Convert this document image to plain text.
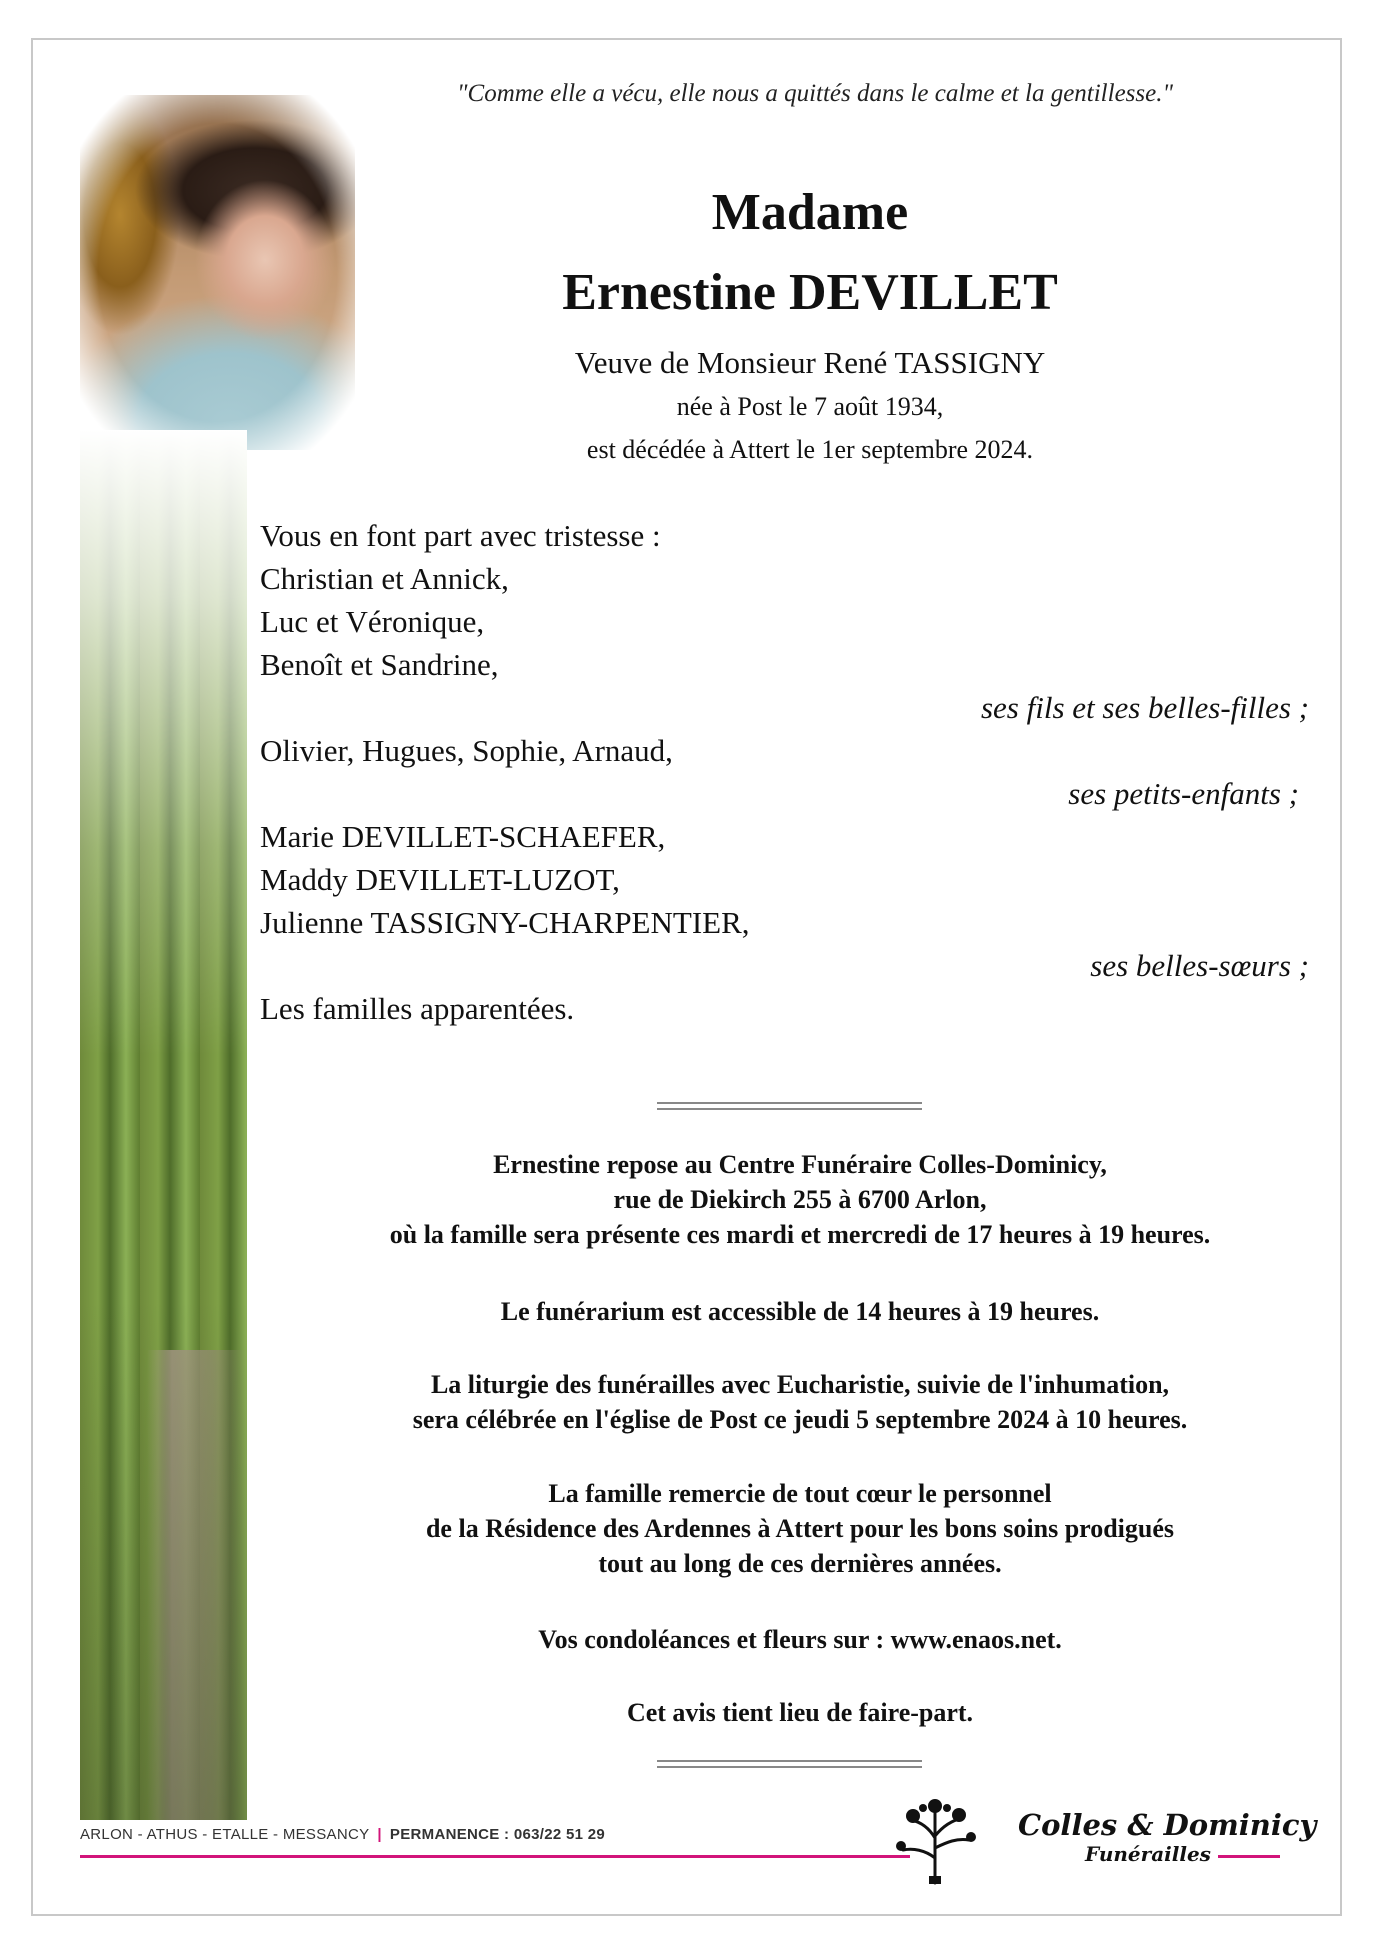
"Comme elle a vécu, elle nous a quittés dans le calme et la gentillesse."
Madame
Ernestine DEVILLET
Veuve de Monsieur René TASSIGNY
née à Post le 7 août 1934,
est décédée à Attert le 1er septembre 2024.
Vous en font part avec tristesse :
Christian et Annick,
Luc et Véronique,
Benoît et Sandrine,
ses fils et ses belles-filles ;
Olivier, Hugues, Sophie, Arnaud,
ses petits-enfants ;
Marie DEVILLET-SCHAEFER,
Maddy DEVILLET-LUZOT,
Julienne TASSIGNY-CHARPENTIER,
ses belles-sœurs ;
Les familles apparentées.
Ernestine repose au Centre Funéraire Colles-Dominicy,
rue de Diekirch 255 à 6700 Arlon,
où la famille sera présente ces mardi et mercredi de 17 heures à 19 heures.
Le funérarium est accessible de 14 heures à 19 heures.
La liturgie des funérailles avec Eucharistie, suivie de l'inhumation,
sera célébrée en l'église de Post ce jeudi 5 septembre 2024 à 10 heures.
La famille remercie de tout cœur le personnel
de la Résidence des Ardennes à Attert pour les bons soins prodigués
tout au long de ces dernières années.
Vos condoléances et fleurs sur : www.enaos.net.
Cet avis tient lieu de faire-part.
ARLON - ATHUS - ETALLE - MESSANCY | PERMANENCE : 063/22 51 29	Colles & Dominicy
Funérailles
